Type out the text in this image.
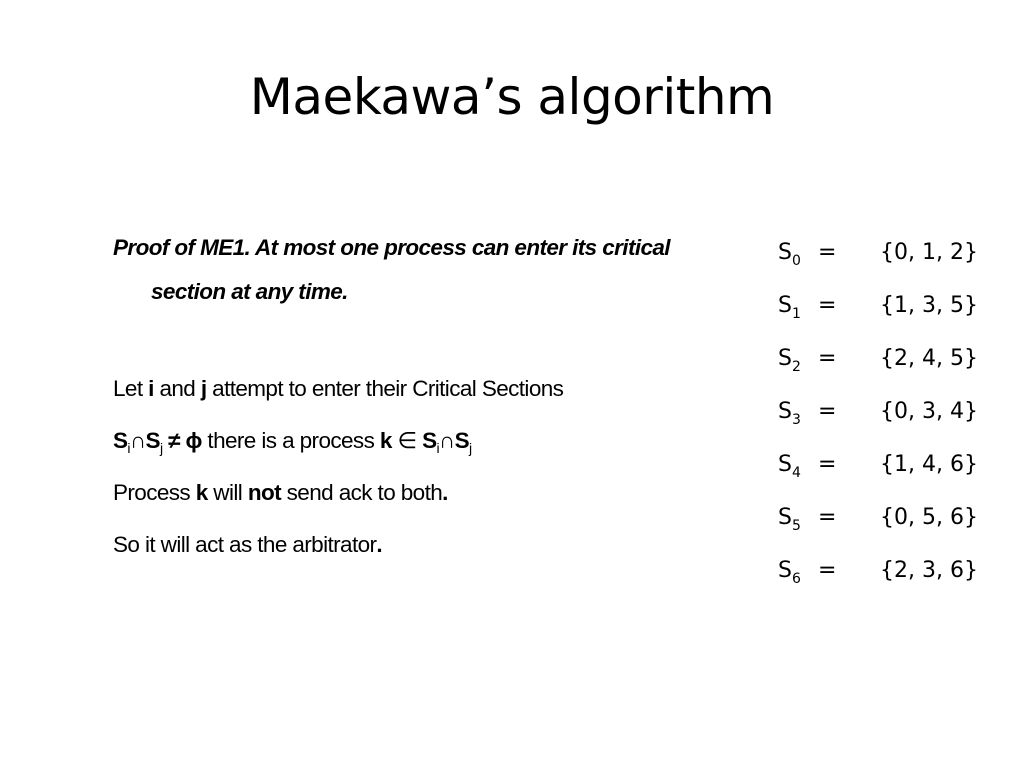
Maekawa’s algorithm

Proof of ME1. At most one process can enter its critical section at any time.

Let i and j attempt to enter their Critical Sections

$S_i\cap S_j \ne \phi$ there is a process k ∈ $S_i\cap S_j$

Process k will not send ack to both.

So it will act as the arbitrator.

$S_0$ =	{0, 1, 2}
$S_1$ =	{1, 3, 5}
$S_2$ =	{2, 4, 5}
$S_3$ =	{0, 3, 4}
$S_4$ =	{1, 4, 6}
$S_5$ =	{0, 5, 6}
$S_6$ =	{2, 3, 6}
